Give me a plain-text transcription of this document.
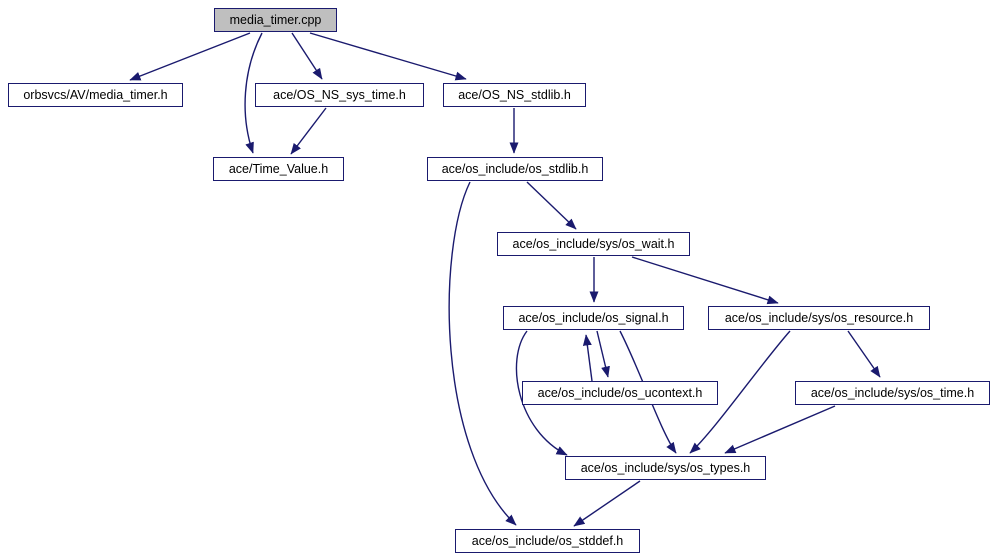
media_timer.cpp
orbsvcs/AV/media_timer.h	ace/OS_NS_sys_time.h	ace/OS_NS_stdlib.h
ace/Time_Value.h	ace/os_include/os_stdlib.h
ace/os_include/sys/os_wait.h
ace/os_include/os_signal.h	ace/os_include/sys/os_resource.h
ace/os_include/os_ucontext.h	ace/os_include/sys/os_time.h
ace/os_include/sys/os_types.h
ace/os_include/os_stddef.h
